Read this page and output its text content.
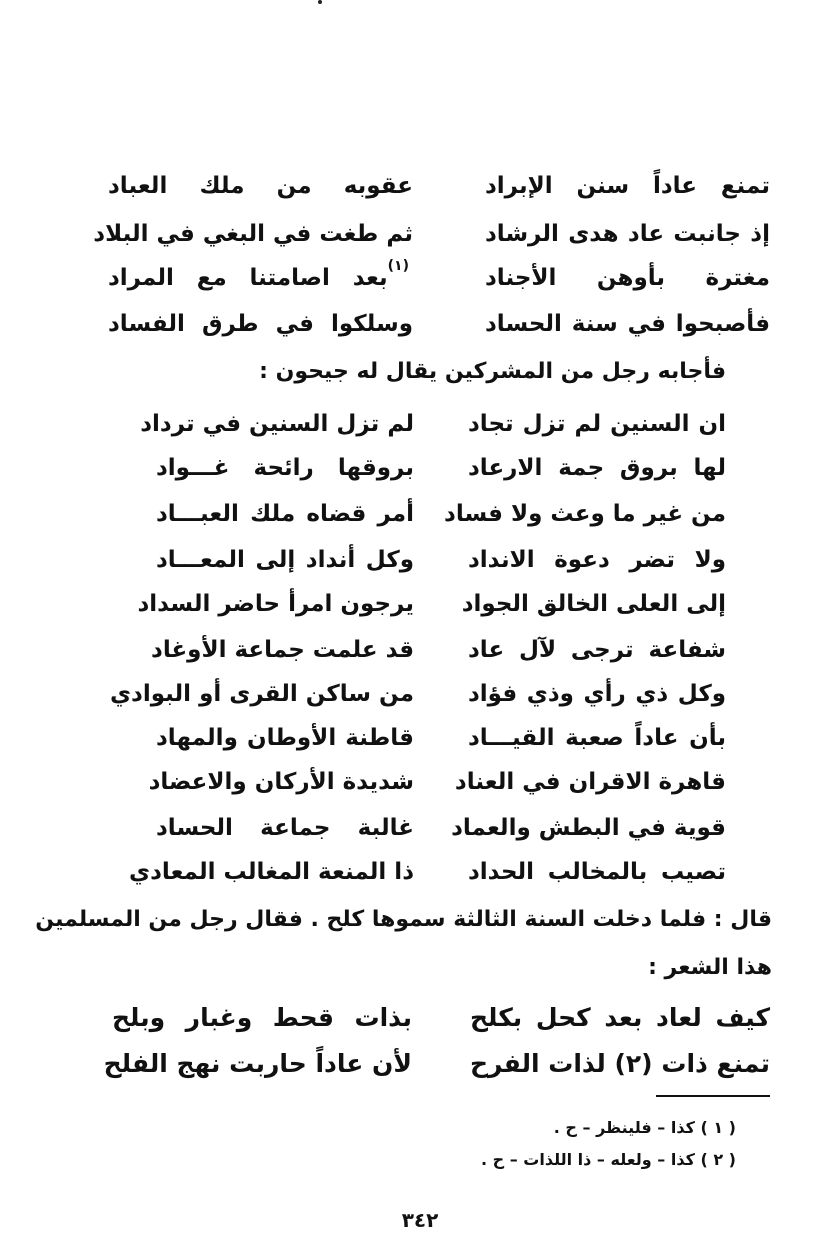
تمنع عاداً سنن الإبراد
عقوبه من ملك العباد
إذ جانبت عاد هدى الرشاد
ثم طغت في البغي في البلاد
مغترة بأوهن الأجناد
بعد اصامتنا مع المراد (١)
فأصبحوا في سنة الحساد
وسلكوا في طرق الفساد
فأجابه رجل من المشركين يقال له جيحون :
ان السنين لم تزل تجاد
لم تزل السنين في ترداد
لها بروق جمة الارعاد
بروقها رائحة غـــواد
من غير ما وعث ولا فساد
أمر قضاه ملك العبـــاد
ولا تضر دعوة الانداد
وكل أنداد إلى المعـــاد
إلى العلى الخالق الجواد
يرجون امرأ حاضر السداد
شفاعة ترجى لآل عاد
قد علمت جماعة الأوغاد
وكل ذي رأي وذي فؤاد
من ساكن القرى أو البوادي
بأن عاداً صعبة القيـــاد
قاطنة الأوطان والمهاد
قاهرة الاقران في العناد
شديدة الأركان والاعضاد
قوية في البطش والعماد
غالبة جماعة الحساد
تصيب بالمخالب الحداد
ذا المنعة المغالب المعادي
قال : فلما دخلت السنة الثالثة سموها كلح . فقال رجل من المسلمين
هذا الشعر :
كيف لعاد بعد كحل بكلح
بذات قحط وغبار وبلح
تمنع ذات (٢) لذات الفرح
لأن عاداً حاربت نهج الفلح
( ١ ) كذا – فلينظر – ح .
( ٢ ) كذا – ولعله – ذا اللذات – ح .
٣٤٢
